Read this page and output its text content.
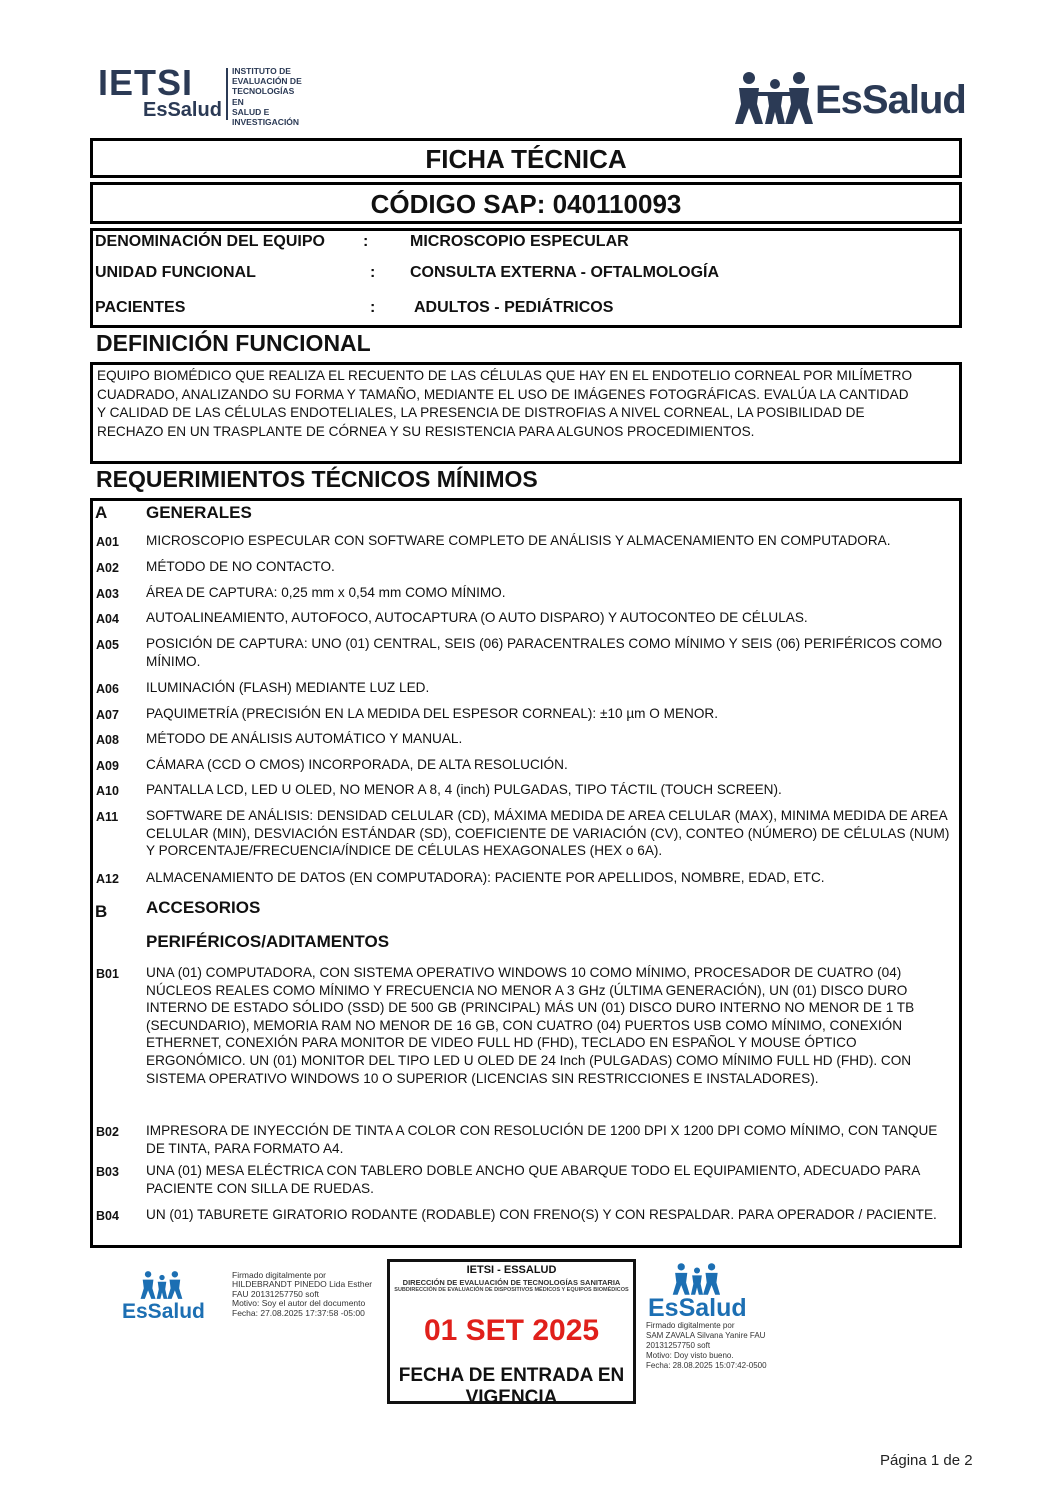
IETSI
EsSalud
INSTITUTO DE
EVALUACIÓN DE
TECNOLOGÍAS EN
SALUD E
INVESTIGACIÓN
EsSalud
FICHA TÉCNICA
CÓDIGO SAP: 040110093
DENOMINACIÓN DEL EQUIPO :	MICROSCOPIO ESPECULAR
UNIDAD FUNCIONAL	: CONSULTA EXTERNA - OFTALMOLOGÍA
PACIENTES	: ADULTOS - PEDIÁTRICOS
DEFINICIÓN FUNCIONAL
EQUIPO BIOMÉDICO QUE REALIZA EL RECUENTO DE LAS CÉLULAS QUE HAY EN EL ENDOTELIO CORNEAL POR MILÍMETRO
CUADRADO, ANALIZANDO SU FORMA Y TAMAÑO, MEDIANTE EL USO DE IMÁGENES FOTOGRÁFICAS. EVALÚA LA CANTIDAD
Y CALIDAD DE LAS CÉLULAS ENDOTELIALES, LA PRESENCIA DE DISTROFIAS A NIVEL CORNEAL, LA POSIBILIDAD DE
RECHAZO EN UN TRASPLANTE DE CÓRNEA Y SU RESISTENCIA PARA ALGUNOS PROCEDIMIENTOS.
REQUERIMIENTOS TÉCNICOS MÍNIMOS
A GENERALES
A01 MICROSCOPIO ESPECULAR CON SOFTWARE COMPLETO DE ANÁLISIS Y ALMACENAMIENTO EN COMPUTADORA.
A02 MÉTODO DE NO CONTACTO.
A03 ÁREA DE CAPTURA: 0,25 mm x 0,54 mm COMO MÍNIMO.
A04 AUTOALINEAMIENTO, AUTOFOCO, AUTOCAPTURA (O AUTO DISPARO) Y AUTOCONTEO DE CÉLULAS.
A05 POSICIÓN DE CAPTURA: UNO (01) CENTRAL, SEIS (06) PARACENTRALES COMO MÍNIMO Y SEIS (06) PERIFÉRICOS COMO MÍNIMO.
A06 ILUMINACIÓN (FLASH) MEDIANTE LUZ LED.
A07 PAQUIMETRÍA (PRECISIÓN EN LA MEDIDA DEL ESPESOR CORNEAL): ±10 µm O MENOR.
A08 MÉTODO DE ANÁLISIS AUTOMÁTICO Y MANUAL.
A09 CÁMARA (CCD O CMOS) INCORPORADA, DE ALTA RESOLUCIÓN.
A10 PANTALLA LCD, LED U OLED, NO MENOR A 8, 4 (inch) PULGADAS, TIPO TÁCTIL (TOUCH SCREEN).
A11 SOFTWARE DE ANÁLISIS: DENSIDAD CELULAR (CD), MÁXIMA MEDIDA DE AREA CELULAR (MAX), MINIMA MEDIDA DE AREA CELULAR (MIN), DESVIACIÓN ESTÁNDAR (SD), COEFICIENTE DE VARIACIÓN (CV), CONTEO (NÚMERO) DE CÉLULAS (NUM) Y PORCENTAJE/FRECUENCIA/ÍNDICE DE CÉLULAS HEXAGONALES (HEX o 6A).
A12 ALMACENAMIENTO DE DATOS (EN COMPUTADORA): PACIENTE POR APELLIDOS, NOMBRE, EDAD, ETC.
B ACCESORIOS
PERIFÉRICOS/ADITAMENTOS
B01 UNA (01) COMPUTADORA, CON SISTEMA OPERATIVO WINDOWS 10 COMO MÍNIMO, PROCESADOR DE CUATRO (04) NÚCLEOS REALES COMO MÍNIMO Y FRECUENCIA NO MENOR A 3 GHz (ÚLTIMA GENERACIÓN), UN (01) DISCO DURO INTERNO DE ESTADO SÓLIDO (SSD) DE 500 GB (PRINCIPAL) MÁS UN (01) DISCO DURO INTERNO NO MENOR DE 1 TB (SECUNDARIO), MEMORIA RAM NO MENOR DE 16 GB, CON CUATRO (04) PUERTOS USB COMO MÍNIMO, CONEXIÓN ETHERNET, CONEXIÓN PARA MONITOR DE VIDEO FULL HD (FHD), TECLADO EN ESPAÑOL Y MOUSE ÓPTICO ERGONÓMICO. UN (01) MONITOR DEL TIPO LED U OLED DE 24 Inch (PULGADAS) COMO MÍNIMO FULL HD (FHD). CON SISTEMA OPERATIVO WINDOWS 10 O SUPERIOR (LICENCIAS SIN RESTRICCIONES E INSTALADORES).
B02 IMPRESORA DE INYECCIÓN DE TINTA A COLOR CON RESOLUCIÓN DE 1200 DPI X 1200 DPI COMO MÍNIMO, CON TANQUE DE TINTA, PARA FORMATO A4.
B03 UNA (01) MESA ELÉCTRICA CON TABLERO DOBLE ANCHO QUE ABARQUE TODO EL EQUIPAMIENTO, ADECUADO PARA PACIENTE CON SILLA DE RUEDAS.
B04 UN (01) TABURETE GIRATORIO RODANTE (RODABLE) CON FRENO(S) Y CON RESPALDAR. PARA OPERADOR / PACIENTE.
EsSalud
Firmado digitalmente por
HILDEBRANDT PINEDO Lida Esther
FAU 20131257750 soft
Motivo: Soy el autor del documento
Fecha: 27.08.2025 17:37:58 -05:00
IETSI - ESSALUD
DIRECCIÓN DE EVALUACIÓN DE TECNOLOGÍAS SANITARIA
SUBDIRECCIÓN DE EVALUACIÓN DE DISPOSITIVOS MÉDICOS Y EQUIPOS BIOMÉDICOS
01 SET 2025
FECHA DE ENTRADA EN VIGENCIA
EsSalud
Firmado digitalmente por
SAM ZAVALA Silvana Yanire FAU
20131257750 soft
Motivo: Doy visto bueno.
Fecha: 28.08.2025 15:07:42-0500
Página 1 de 2
